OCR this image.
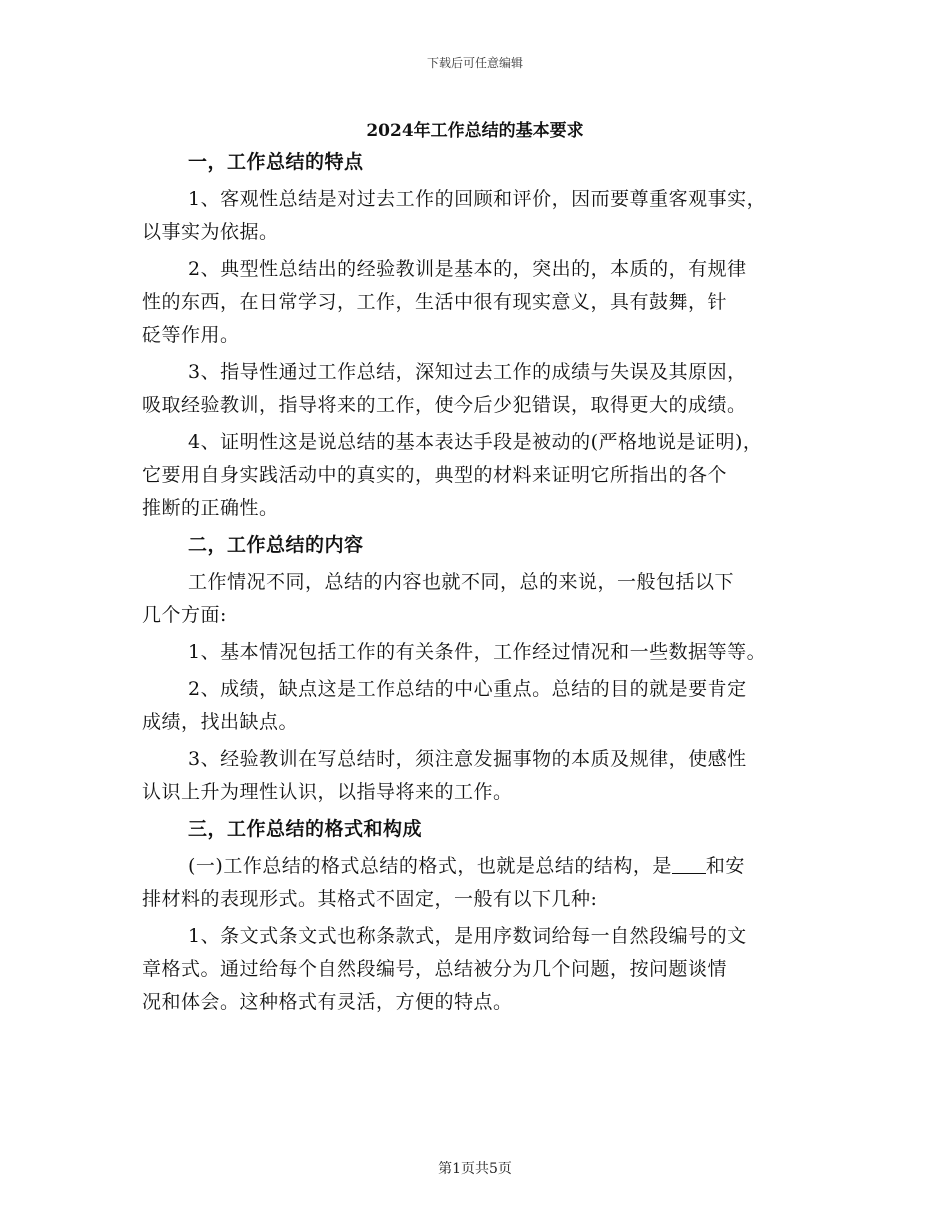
下载后可任意编辑
2024年工作总结的基本要求
一，工作总结的特点
1、客观性总结是对过去工作的回顾和评价，因而要尊重客观事实，
以事实为依据。
2、典型性总结出的经验教训是基本的，突出的，本质的，有规律
性的东西，在日常学习，工作，生活中很有现实意义，具有鼓舞，针
砭等作用。
3、指导性通过工作总结，深知过去工作的成绩与失误及其原因，
吸取经验教训，指导将来的工作，使今后少犯错误，取得更大的成绩。
4、证明性这是说总结的基本表达手段是被动的(严格地说是证明)，
它要用自身实践活动中的真实的，典型的材料来证明它所指出的各个
推断的正确性。
二，工作总结的内容
工作情况不同，总结的内容也就不同，总的来说，一般包括以下
几个方面:
1、基本情况包括工作的有关条件，工作经过情况和一些数据等等。
2、成绩，缺点这是工作总结的中心重点。总结的目的就是要肯定
成绩，找出缺点。
3、经验教训在写总结时，须注意发掘事物的本质及规律，使感性
认识上升为理性认识，以指导将来的工作。
三，工作总结的格式和构成
(一)工作总结的格式总结的格式，也就是总结的结构，是 和安
排材料的表现形式。其格式不固定，一般有以下几种:
1、条文式条文式也称条款式，是用序数词给每一自然段编号的文
章格式。通过给每个自然段编号，总结被分为几个问题，按问题谈情
况和体会。这种格式有灵活，方便的特点。
第1页共5页
